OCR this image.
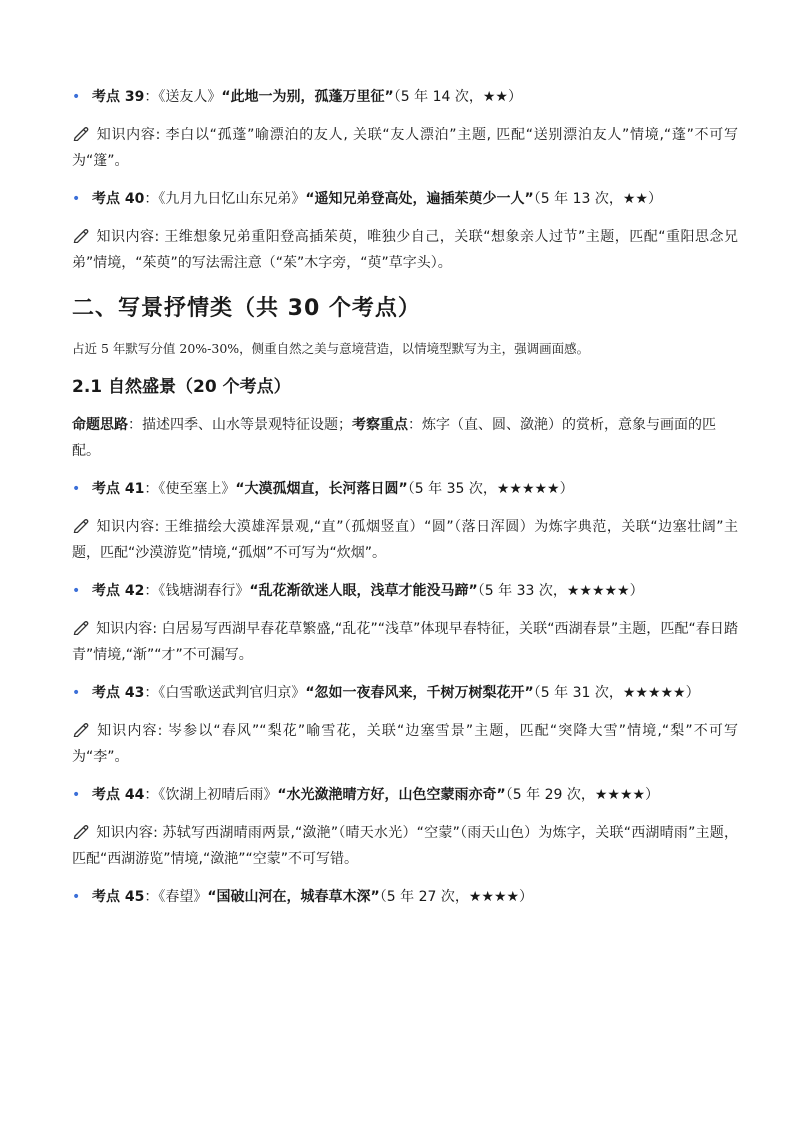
• 考点 39：《送友人》“此地一为别，孤蓬万里征”（5 年 14 次，★★）
知识内容: 李白以“孤蓬”喻漂泊的友人, 关联“友人漂泊”主题, 匹配“送别漂泊友人”情境,“蓬”不可写为“篷”。
• 考点 40：《九月九日忆山东兄弟》“遥知兄弟登高处，遍插茱萸少一人”（5 年 13 次，★★）
知识内容: 王维想象兄弟重阳登高插茱萸，唯独少自己，关联“想象亲人过节”主题，匹配“重阳思念兄弟”情境，“茱萸”的写法需注意（“茱”木字旁，“萸”草字头）。
二、写景抒情类（共 30 个考点）
占近 5 年默写分值 20%-30%，侧重自然之美与意境营造，以情境型默写为主，强调画面感。
2.1 自然盛景（20 个考点）
命题思路：描述四季、山水等景观特征设题；考察重点：炼字（直、圆、潋滟）的赏析，意象与画面的匹配。
• 考点 41：《使至塞上》“大漠孤烟直，长河落日圆”（5 年 35 次，★★★★★）
知识内容: 王维描绘大漠雄浑景观,“直”（孤烟竖直）“圆”（落日浑圆）为炼字典范，关联“边塞壮阔”主题，匹配“沙漠游览”情境,“孤烟”不可写为“炊烟”。
• 考点 42：《钱塘湖春行》“乱花渐欲迷人眼，浅草才能没马蹄”（5 年 33 次，★★★★★）
知识内容: 白居易写西湖早春花草繁盛,“乱花”“浅草”体现早春特征，关联“西湖春景”主题，匹配“春日踏青”情境,“渐”“才”不可漏写。
• 考点 43：《白雪歌送武判官归京》“忽如一夜春风来，千树万树梨花开”（5 年 31 次，★★★★★）
知识内容: 岑参以“春风”“梨花”喻雪花，关联“边塞雪景”主题，匹配“突降大雪”情境,“梨”不可写为“李”。
• 考点 44：《饮湖上初晴后雨》“水光潋滟晴方好，山色空蒙雨亦奇”（5 年 29 次，★★★★）
知识内容: 苏轼写西湖晴雨两景,“潋滟”（晴天水光）“空蒙”（雨天山色）为炼字，关联“西湖晴雨”主题，匹配“西湖游览”情境,“潋滟”“空蒙”不可写错。
• 考点 45：《春望》“国破山河在，城春草木深”（5 年 27 次，★★★★）
